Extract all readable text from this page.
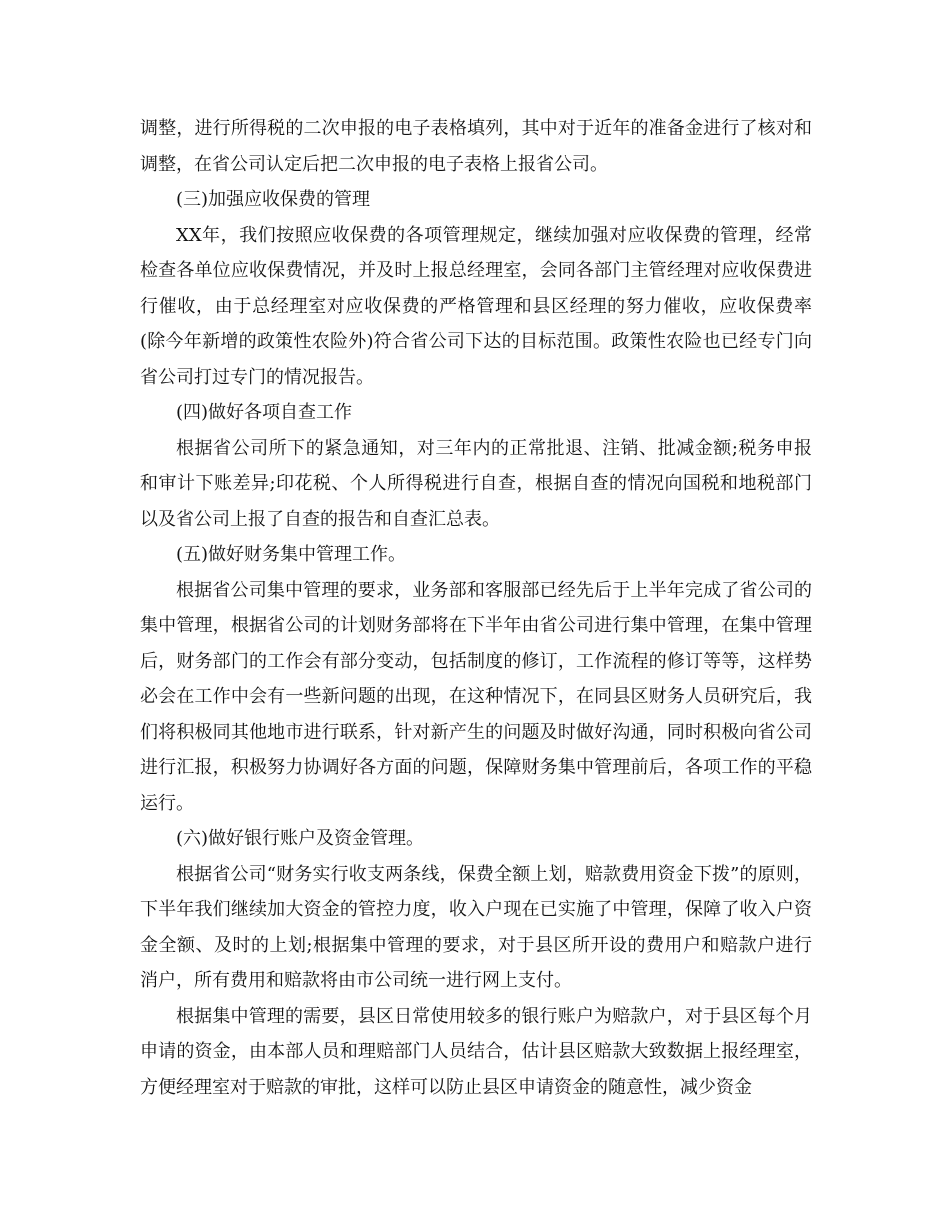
调整，进行所得税的二次申报的电子表格填列，其中对于近年的准备金进行了核对和调整，在省公司认定后把二次申报的电子表格上报省公司。

(三)加强应收保费的管理

XX年，我们按照应收保费的各项管理规定，继续加强对应收保费的管理，经常检查各单位应收保费情况，并及时上报总经理室，会同各部门主管经理对应收保费进行催收，由于总经理室对应收保费的严格管理和县区经理的努力催收，应收保费率(除今年新增的政策性农险外)符合省公司下达的目标范围。政策性农险也已经专门向省公司打过专门的情况报告。

(四)做好各项自查工作

根据省公司所下的紧急通知，对三年内的正常批退、注销、批减金额;税务申报和审计下账差异;印花税、个人所得税进行自查，根据自查的情况向国税和地税部门以及省公司上报了自查的报告和自查汇总表。

(五)做好财务集中管理工作。

根据省公司集中管理的要求，业务部和客服部已经先后于上半年完成了省公司的集中管理，根据省公司的计划财务部将在下半年由省公司进行集中管理，在集中管理后，财务部门的工作会有部分变动，包括制度的修订，工作流程的修订等等，这样势必会在工作中会有一些新问题的出现，在这种情况下，在同县区财务人员研究后，我们将积极同其他地市进行联系，针对新产生的问题及时做好沟通，同时积极向省公司进行汇报，积极努力协调好各方面的问题，保障财务集中管理前后，各项工作的平稳运行。

(六)做好银行账户及资金管理。

根据省公司“财务实行收支两条线，保费全额上划，赔款费用资金下拨”的原则，下半年我们继续加大资金的管控力度，收入户现在已实施了中管理，保障了收入户资金全额、及时的上划;根据集中管理的要求，对于县区所开设的费用户和赔款户进行消户，所有费用和赔款将由市公司统一进行网上支付。

根据集中管理的需要，县区日常使用较多的银行账户为赔款户，对于县区每个月申请的资金，由本部人员和理赔部门人员结合，估计县区赔款大致数据上报经理室，方便经理室对于赔款的审批，这样可以防止县区申请资金的随意性，减少资金
